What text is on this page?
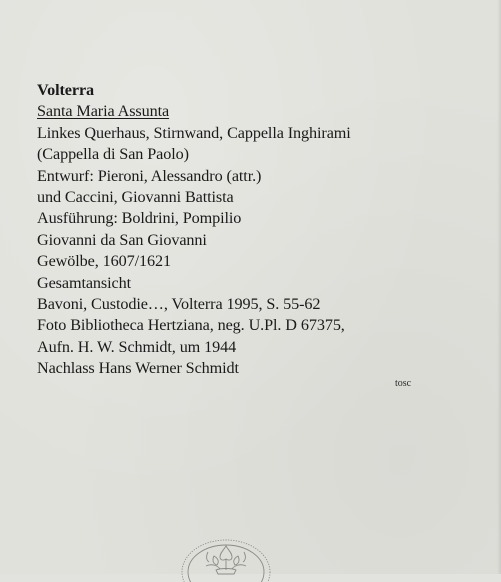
Volterra
Santa Maria Assunta
Linkes Querhaus, Stirnwand, Cappella Inghirami
(Cappella di San Paolo)
Entwurf: Pieroni, Alessandro (attr.)
und Caccini, Giovanni Battista
Ausführung: Boldrini, Pompilio
Giovanni da San Giovanni
Gewölbe, 1607/1621
Gesamtansicht
Bavoni, Custodie…, Volterra 1995, S. 55-62
Foto Bibliotheca Hertziana, neg. U.Pl. D 67375,
Aufn. H. W. Schmidt, um 1944
Nachlass Hans Werner Schmidt
tosc
